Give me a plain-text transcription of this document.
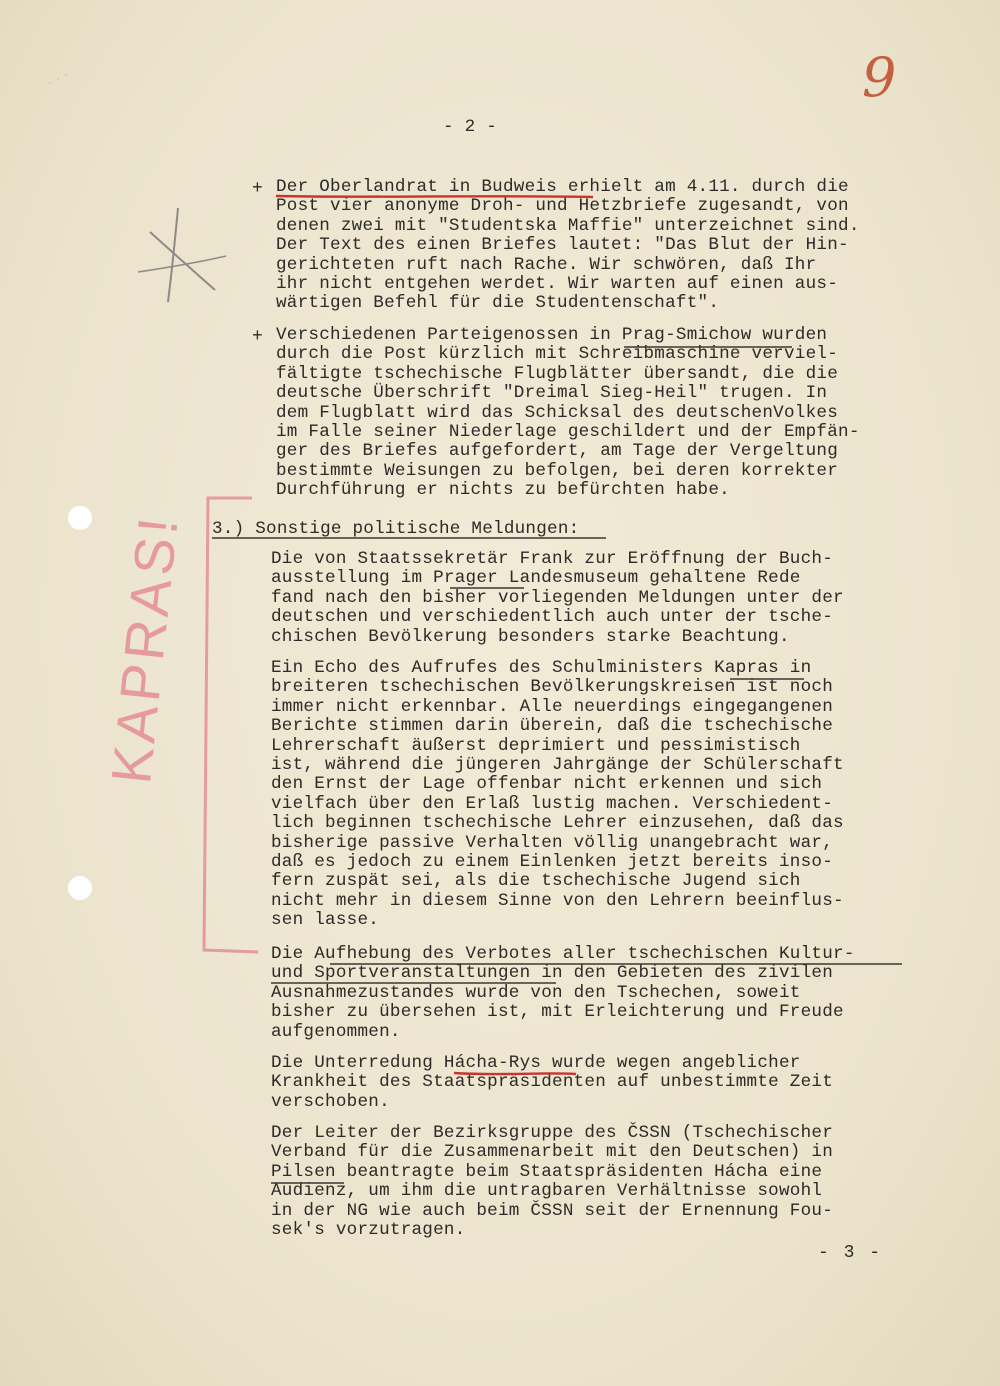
· · ·	9
- 2 -
+ Der Oberlandrat in Budweis erhielt am 4.11. durch die
Post vier anonyme Droh- und Hetzbriefe zugesandt, von
denen zwei mit "Studentska Maffie" unterzeichnet sind.
Der Text des einen Briefes lautet: "Das Blut der Hin-
gerichteten ruft nach Rache. Wir schwören, daß Ihr
ihr nicht entgehen werdet. Wir warten auf einen aus-
wärtigen Befehl für die Studentenschaft".
+ Verschiedenen Parteigenossen in Prag-Smichow wurden
durch die Post kürzlich mit Schreibmaschine verviel-
fältigte tschechische Flugblätter übersandt, die die
deutsche Überschrift "Dreimal Sieg-Heil" trugen. In
dem Flugblatt wird das Schicksal des deutschenVolkes
im Falle seiner Niederlage geschildert und der Empfän-
ger des Briefes aufgefordert, am Tage der Vergeltung
bestimmte Weisungen zu befolgen, bei deren korrekter
Durchführung er nichts zu befürchten habe.
3.) Sonstige politische Meldungen:
Die von Staatssekretär Frank zur Eröffnung der Buch-
ausstellung im Prager Landesmuseum gehaltene Rede
fand nach den bisher vorliegenden Meldungen unter der
deutschen und verschiedentlich auch unter der tsche-
chischen Bevölkerung besonders starke Beachtung.
Ein Echo des Aufrufes des Schulministers Kapras in
breiteren tschechischen Bevölkerungskreisen ist noch
immer nicht erkennbar. Alle neuerdings eingegangenen
Berichte stimmen darin überein, daß die tschechische
Lehrerschaft äußerst deprimiert und pessimistisch
ist, während die jüngeren Jahrgänge der Schülerschaft
den Ernst der Lage offenbar nicht erkennen und sich
vielfach über den Erlaß lustig machen. Verschiedent-
lich beginnen tschechische Lehrer einzusehen, daß das
bisherige passive Verhalten völlig unangebracht war,
daß es jedoch zu einem Einlenken jetzt bereits inso-
fern zuspät sei, als die tschechische Jugend sich
nicht mehr in diesem Sinne von den Lehrern beeinflus-
sen lasse.
Die Aufhebung des Verbotes aller tschechischen Kultur-
und Sportveranstaltungen in den Gebieten des zivilen
Ausnahmezustandes wurde von den Tschechen, soweit
bisher zu übersehen ist, mit Erleichterung und Freude
aufgenommen.
Die Unterredung Hácha-Rys wurde wegen angeblicher
Krankheit des Staatspräsidenten auf unbestimmte Zeit
verschoben.
Der Leiter der Bezirksgruppe des ČSSN (Tschechischer
Verband für die Zusammenarbeit mit den Deutschen) in
Pilsen beantragte beim Staatspräsidenten Hácha eine
Audienz, um ihm die untragbaren Verhältnisse sowohl
in der NG wie auch beim ČSSN seit der Ernennung Fou-
sek's vorzutragen.
- 3 -
KAPRAS!
